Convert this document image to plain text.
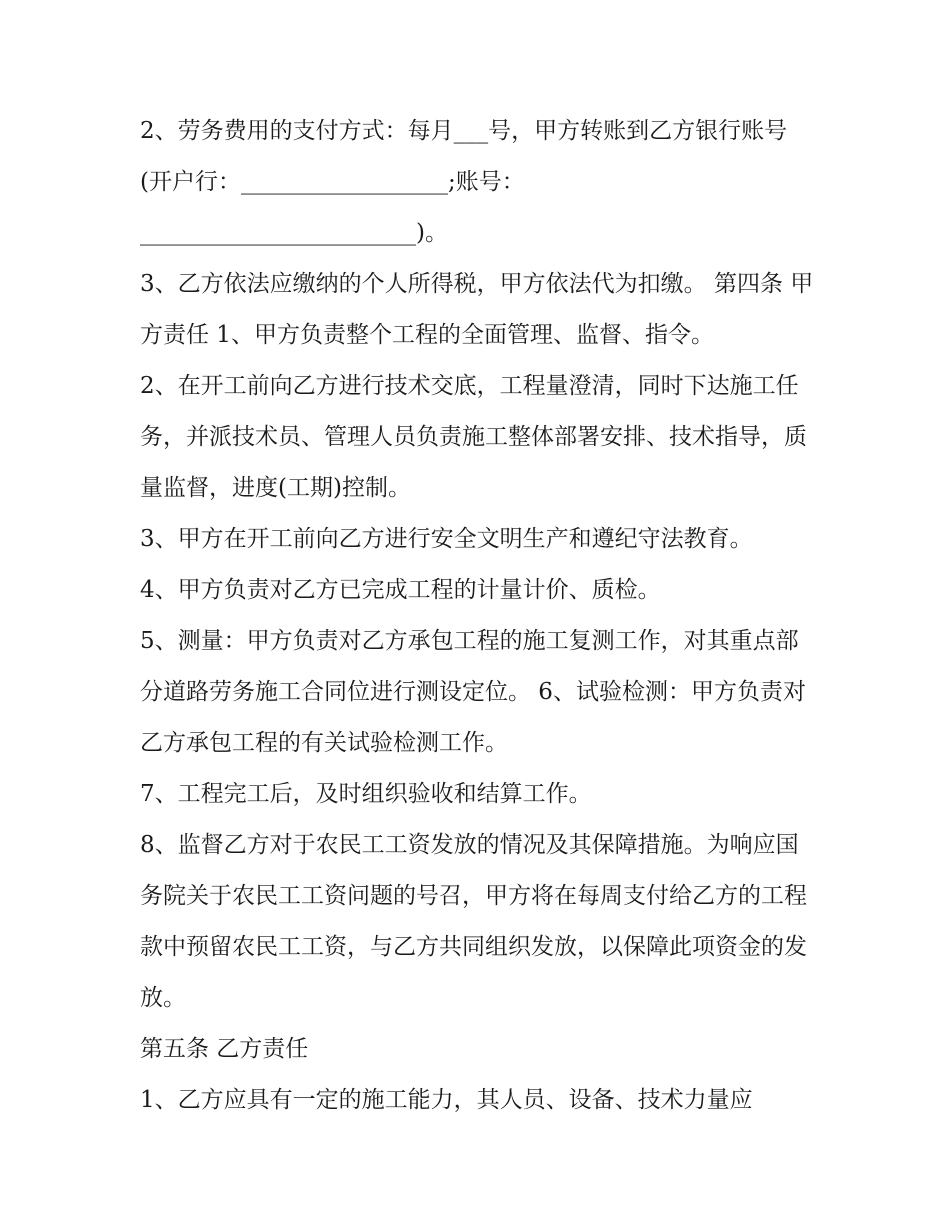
2、劳务费用的支付方式：每月___号，甲方转账到乙方银行账号(开户行：__________________;账号：________________________)。

3、乙方依法应缴纳的个人所得税，甲方依法代为扣缴。 第四条 甲方责任 1、甲方负责整个工程的全面管理、监督、指令。

2、在开工前向乙方进行技术交底，工程量澄清，同时下达施工任务，并派技术员、管理人员负责施工整体部署安排、技术指导，质量监督，进度(工期)控制。

3、甲方在开工前向乙方进行安全文明生产和遵纪守法教育。

4、甲方负责对乙方已完成工程的计量计价、质检。

5、测量：甲方负责对乙方承包工程的施工复测工作，对其重点部分道路劳务施工合同位进行测设定位。 6、试验检测：甲方负责对乙方承包工程的有关试验检测工作。

7、工程完工后，及时组织验收和结算工作。

8、监督乙方对于农民工工资发放的情况及其保障措施。为响应国务院关于农民工工资问题的号召，甲方将在每周支付给乙方的工程款中预留农民工工资，与乙方共同组织发放，以保障此项资金的发放。

第五条 乙方责任

1、乙方应具有一定的施工能力，其人员、设备、技术力量应
